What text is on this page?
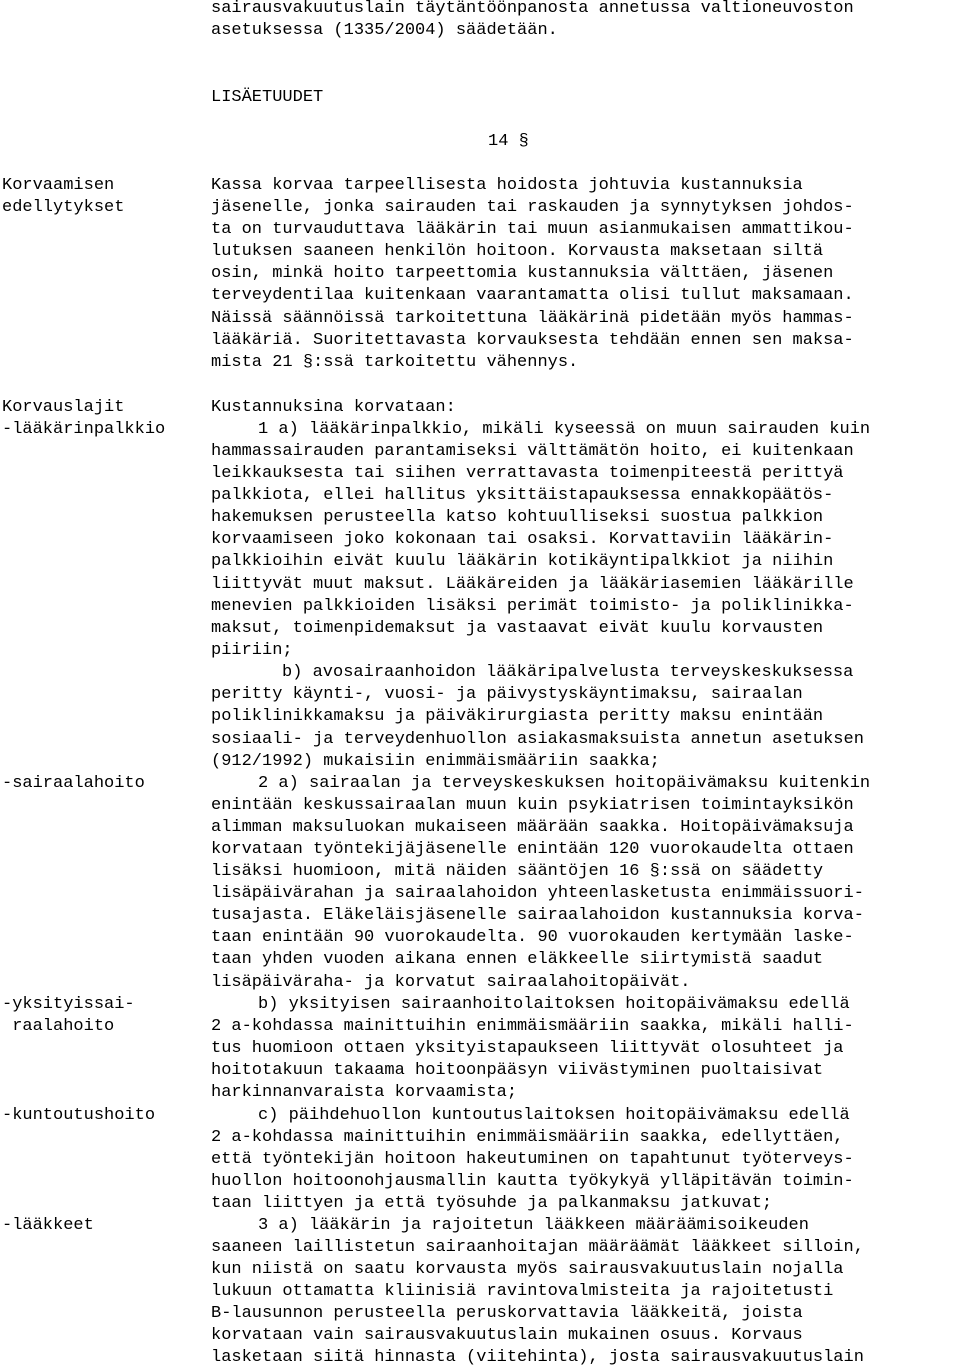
sairausvakuutuslain täytäntöönpanosta annetussa valtioneuvoston
asetuksessa (1335/2004) säädetään.
LISÄETUUDET
14 §
Korvaamisen
edellytykset
Korvauslajit
-lääkärinpalkkio
-sairaalahoito
-yksityissai-
raalahoito
-kuntoutushoito
-lääkkeet
Kassa korvaa tarpeellisesta hoidosta johtuvia kustannuksia
jäsenelle, jonka sairauden tai raskauden ja synnytyksen johdos-
ta on turvauduttava lääkärin tai muun asianmukaisen ammattikou-
lutuksen saaneen henkilön hoitoon. Korvausta maksetaan siltä
osin, minkä hoito tarpeettomia kustannuksia välttäen, jäsenen
terveydentilaa kuitenkaan vaarantamatta olisi tullut maksamaan.
Näissä säännöissä tarkoitettuna lääkärinä pidetään myös hammas-
lääkäriä. Suoritettavasta korvauksesta tehdään ennen sen maksa-
mista 21 §:ssä tarkoitettu vähennys.
Kustannuksina korvataan:
1 a) lääkärinpalkkio, mikäli kyseessä on muun sairauden kuin
hammassairauden parantamiseksi välttämätön hoito, ei kuitenkaan
leikkauksesta tai siihen verrattavasta toimenpiteestä perittyä
palkkiota, ellei hallitus yksittäistapauksessa ennakkopäätös-
hakemuksen perusteella katso kohtuulliseksi suostua palkkion
korvaamiseen joko kokonaan tai osaksi. Korvattaviin lääkärin-
palkkioihin eivät kuulu lääkärin kotikäyntipalkkiot ja niihin
liittyvät muut maksut. Lääkäreiden ja lääkäriasemien lääkärille
menevien palkkioiden lisäksi perimät toimisto- ja poliklinikka-
maksut, toimenpidemaksut ja vastaavat eivät kuulu korvausten
piiriin;
b) avosairaanhoidon lääkäripalvelusta terveyskeskuksessa
peritty käynti-, vuosi- ja päivystyskäyntimaksu, sairaalan
poliklinikkamaksu ja päiväkirurgiasta peritty maksu enintään
sosiaali- ja terveydenhuollon asiakasmaksuista annetun asetuksen
(912/1992) mukaisiin enimmäismääriin saakka;
2 a) sairaalan ja terveyskeskuksen hoitopäivämaksu kuitenkin
enintään keskussairaalan muun kuin psykiatrisen toimintayksikön
alimman maksuluokan mukaiseen määrään saakka. Hoitopäivämaksuja
korvataan työntekijäjäsenelle enintään 120 vuorokaudelta ottaen
lisäksi huomioon, mitä näiden sääntöjen 16 §:ssä on säädetty
lisäpäivärahan ja sairaalahoidon yhteenlasketusta enimmäissuori-
tusajasta. Eläkeläisjäsenelle sairaalahoidon kustannuksia korva-
taan enintään 90 vuorokaudelta. 90 vuorokauden kertymään laske-
taan yhden vuoden aikana ennen eläkkeelle siirtymistä saadut
lisäpäiväraha- ja korvatut sairaalahoitopäivät.
b) yksityisen sairaanhoitolaitoksen hoitopäivämaksu edellä
2 a-kohdassa mainittuihin enimmäismääriin saakka, mikäli halli-
tus huomioon ottaen yksityistapaukseen liittyvät olosuhteet ja
hoitotakuun takaama hoitoonpääsyn viivästyminen puoltaisivat
harkinnanvaraista korvaamista;
c) päihdehuollon kuntoutuslaitoksen hoitopäivämaksu edellä
2 a-kohdassa mainittuihin enimmäismääriin saakka, edellyttäen,
että työntekijän hoitoon hakeutuminen on tapahtunut työterveys-
huollon hoitoonohjausmallin kautta työkykyä ylläpitävän toimin-
taan liittyen ja että työsuhde ja palkanmaksu jatkuvat;
3 a) lääkärin ja rajoitetun lääkkeen määräämisoikeuden
saaneen laillistetun sairaanhoitajan määräämät lääkkeet silloin,
kun niistä on saatu korvausta myös sairausvakuutuslain nojalla
lukuun ottamatta kliinisiä ravintovalmisteita ja rajoitetusti
B-lausunnon perusteella peruskorvattavia lääkkeitä, joista
korvataan vain sairausvakuutuslain mukainen osuus. Korvaus
lasketaan siitä hinnasta (viitehinta), josta sairausvakuutuslain
